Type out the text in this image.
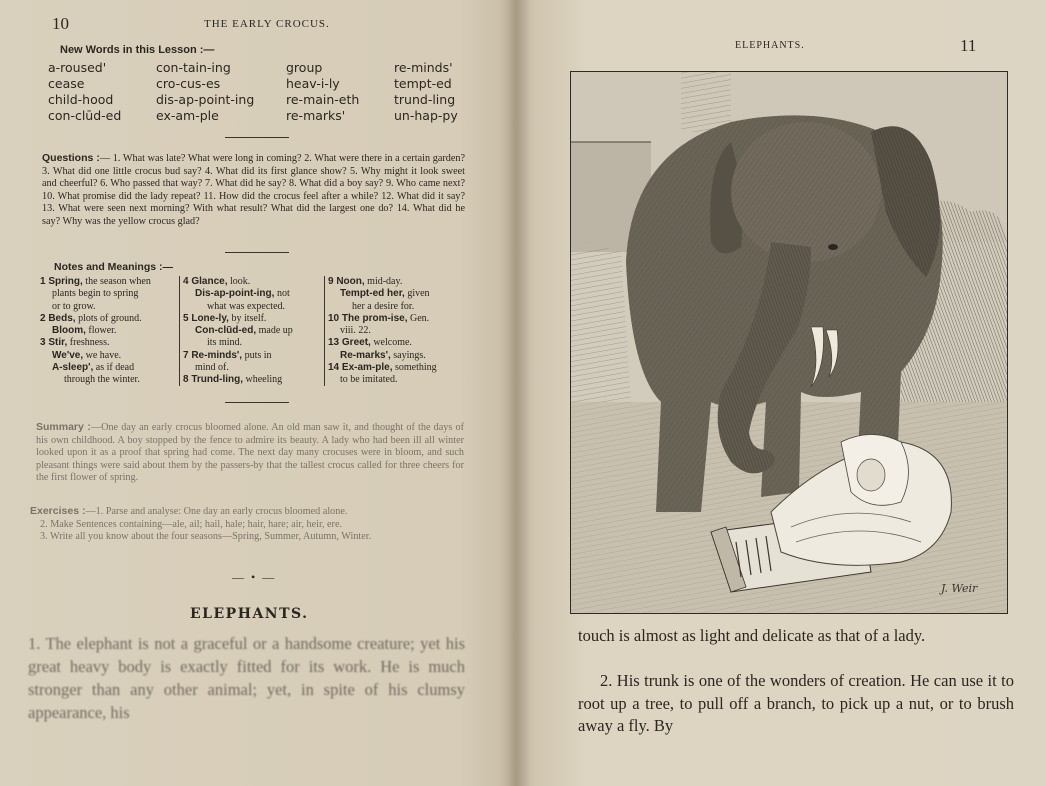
10	THE EARLY CROCUS.
New Words in this Lesson :—
a-roused'	con-tain-ing	group	re-minds'
cease	cro-cus-es	heav-i-ly	tempt-ed
child-hood	dis-ap-point-ing	re-main-eth	trund-ling
con-clūd-ed	ex-am-ple	re-marks'	un-hap-py
Questions :— 1. What was late? What were long in coming? 2. What were there in a certain garden? 3. What did one little crocus bud say? 4. What did its first glance show? 5. Why might it look sweet and cheerful? 6. Who passed that way? 7. What did he say? 8. What did a boy say? 9. Who came next? 10. What promise did the lady repeat? 11. How did the crocus feel after a while? 12. What did it say? 13. What were seen next morning? With what result? What did the largest one do? 14. What did he say? Why was the yellow crocus glad?
Notes and Meanings :—
1 Spring, the season when
plants begin to spring
or to grow.
2 Beds, plots of ground.
Bloom, flower.
3 Stir, freshness.
We've, we have.
A-sleep', as if dead
through the winter.
4 Glance, look.
Dis-ap-point-ing, not
what was expected.
5 Lone-ly, by itself.
Con-clūd-ed, made up
its mind.
7 Re-minds', puts in
mind of.
8 Trund-ling, wheeling
9 Noon, mid-day.
Tempt-ed her, given
her a desire for.
10 The prom-ise, Gen.
viii. 22.
13 Greet, welcome.
Re-marks', sayings.
14 Ex-am-ple, something
to be imitated.
Summary :—One day an early crocus bloomed alone. An old man saw it, and thought of the days of his own childhood. A boy stopped by the fence to admire its beauty. A lady who had been ill all winter looked upon it as a proof that spring had come. The next day many crocuses were in bloom, and such pleasant things were said about them by the passers-by that the tallest crocus called for three cheers for the first flower of spring.
Exercises :—1. Parse and analyse: One day an early crocus bloomed alone.
2. Make Sentences containing—ale, ail; hail, hale; hair, hare; air, heir, ere.
3. Write all you know about the four seasons—Spring, Summer, Autumn, Winter.
— • —
ELEPHANTS.
1. The elephant is not a graceful or a handsome creature; yet his great heavy body is exactly fitted for its work. He is much stronger than any other animal; yet, in spite of his clumsy appearance, his
ELEPHANTS.	11
J. Weir
touch is almost as light and delicate as that of a lady.
2. His trunk is one of the wonders of creation. He can use it to root up a tree, to pull off a branch, to pick up a nut, or to brush away a fly. By
